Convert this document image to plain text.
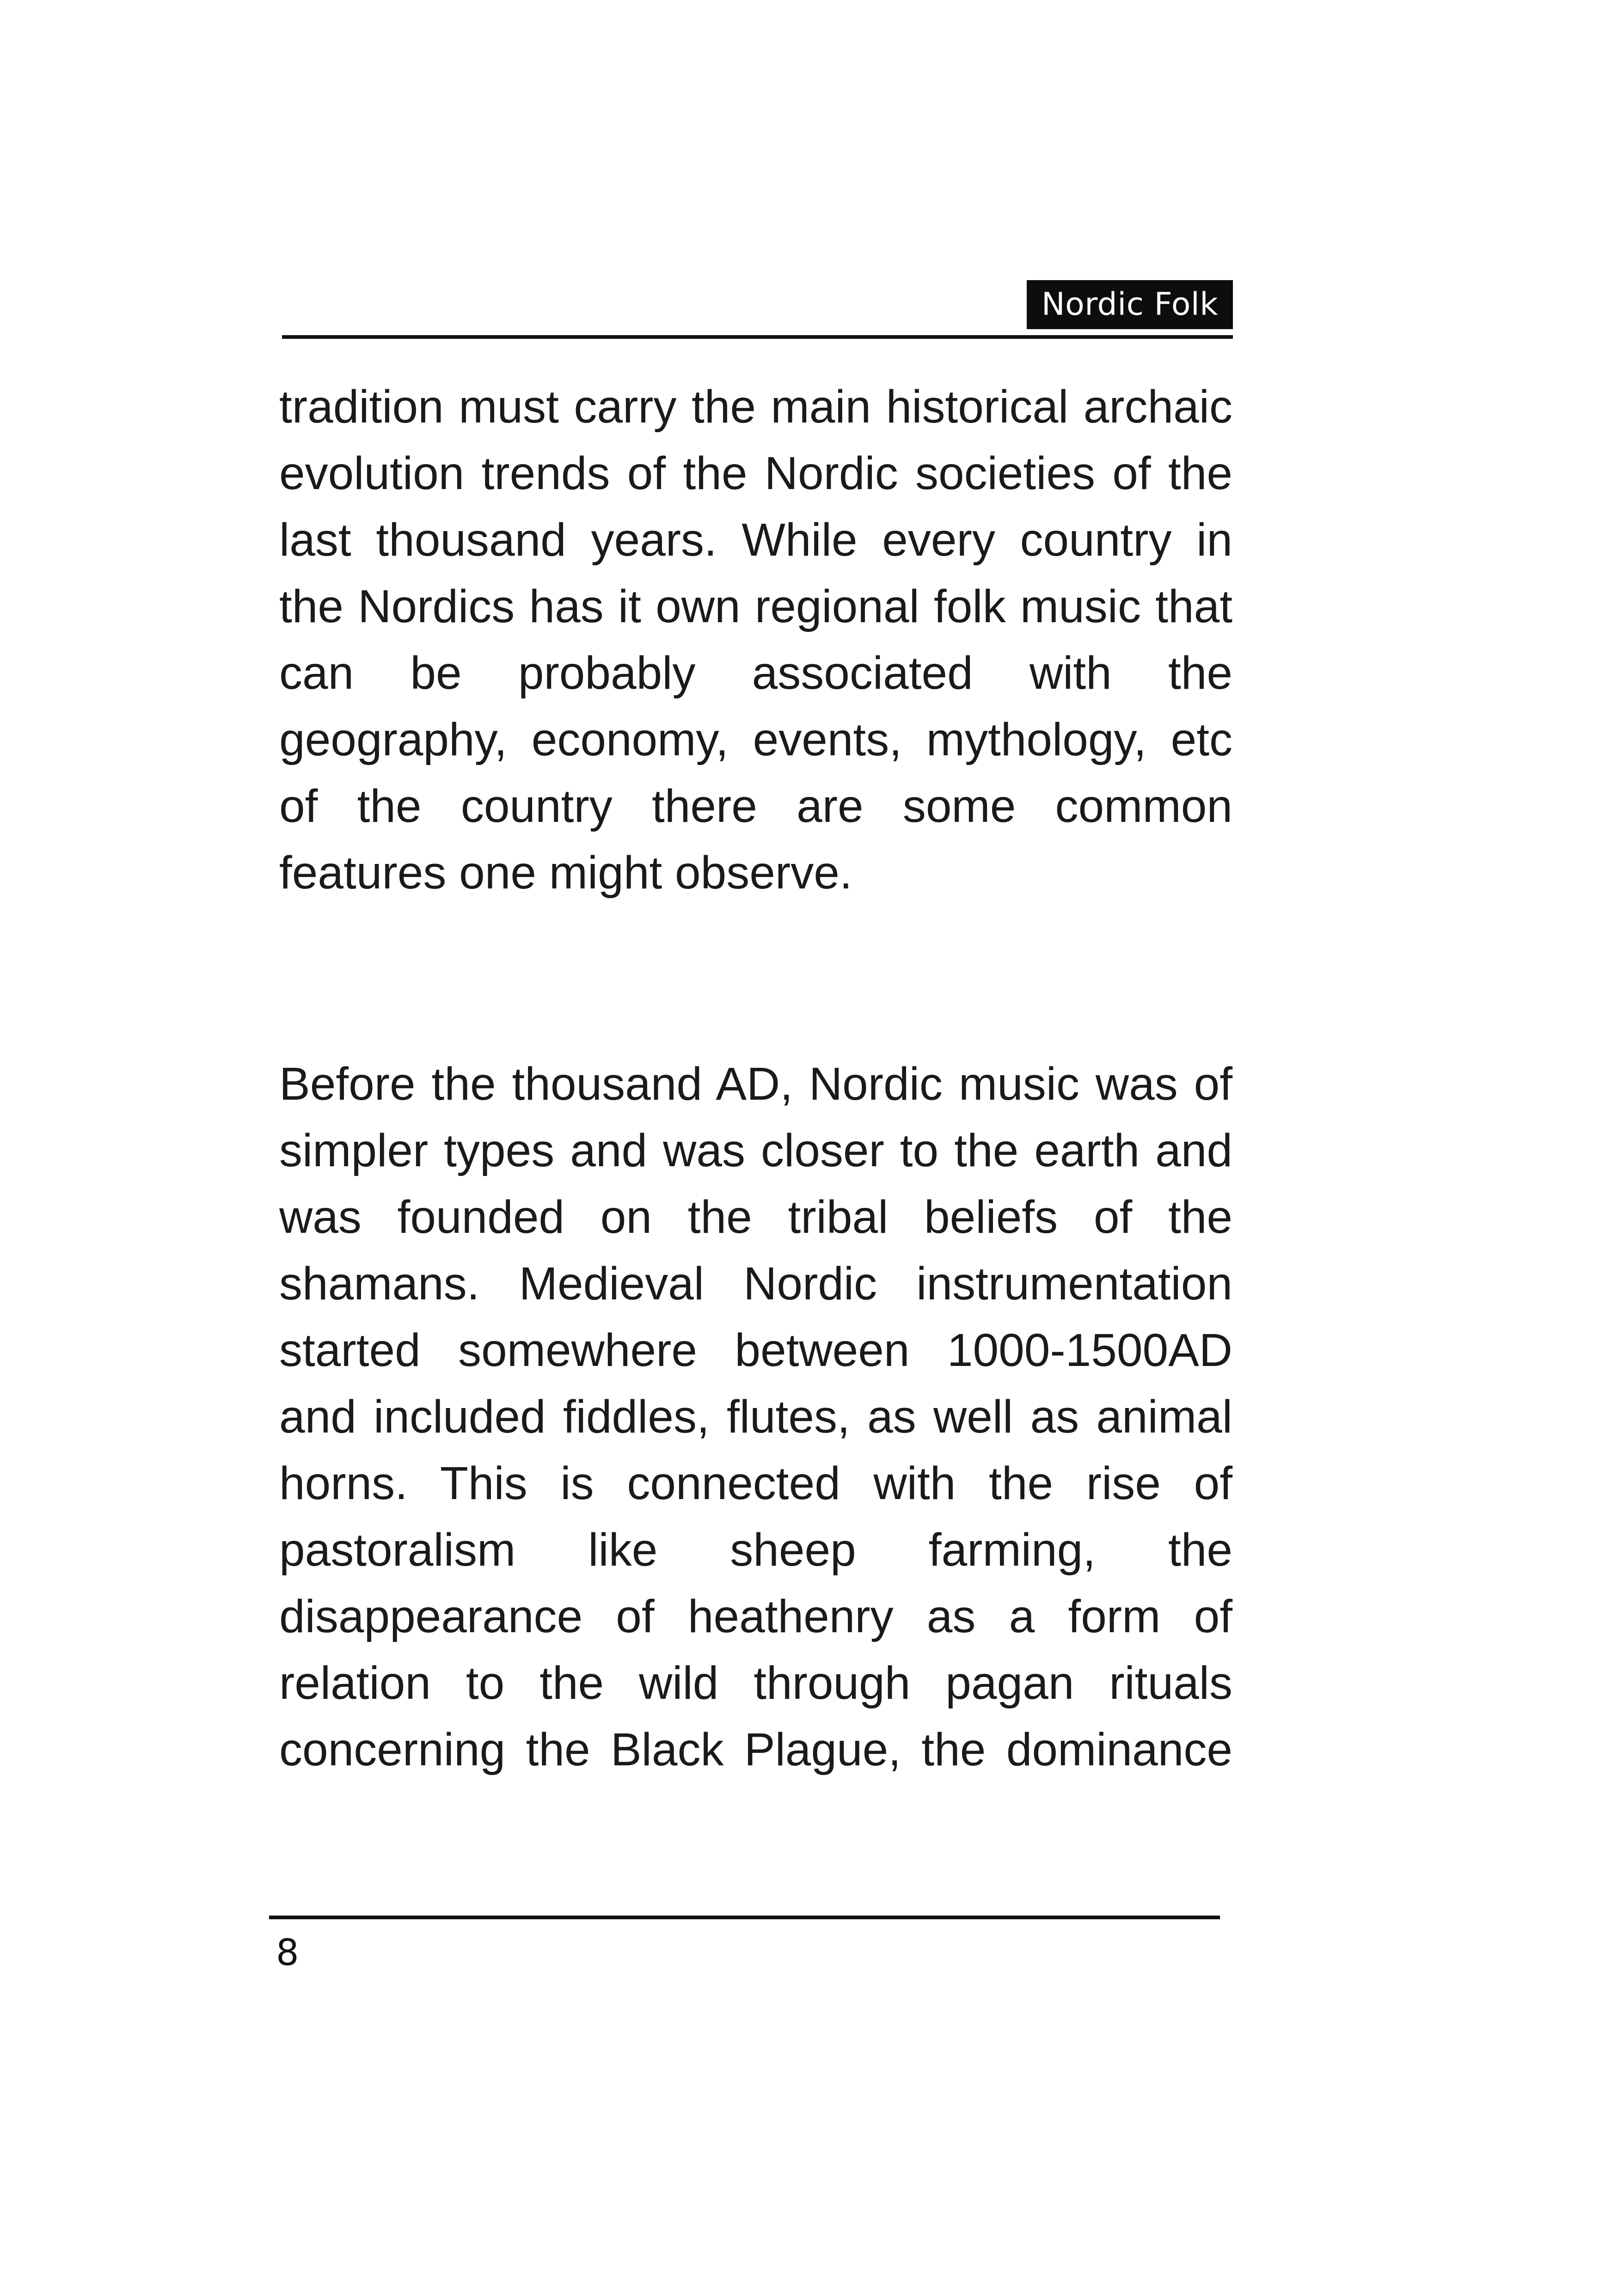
Nordic Folk
tradition must carry the main historical archaic
evolution trends of the Nordic societies of the
last thousand years. While every country in
the Nordics has it own regional folk music that
can be probably associated with the
geography, economy, events, mythology, etc
of the country there are some common
features one might observe.
Before the thousand AD, Nordic music was of
simpler types and was closer to the earth and
was founded on the tribal beliefs of the
shamans. Medieval Nordic instrumentation
started somewhere between 1000-1500AD
and included fiddles, flutes, as well as animal
horns. This is connected with the rise of
pastoralism like sheep farming, the
disappearance of heathenry as a form of
relation to the wild through pagan rituals
concerning the Black Plague, the dominance
8
